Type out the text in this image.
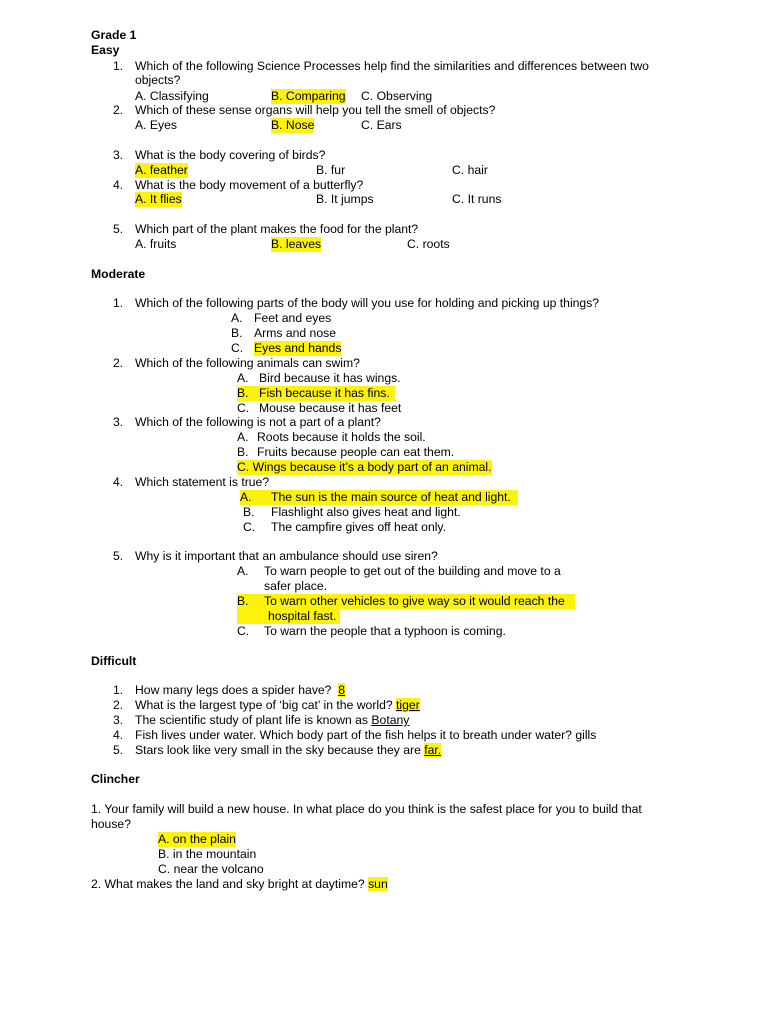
Grade 1
Easy
1. Which of the following Science Processes help find the similarities and differences between two
objects?
A. Classifying	B. Comparing C. Observing
2. Which of these sense organs will help you tell the smell of objects?
A. Eyes	B. Nose	C. Ears
3. What is the body covering of birds?
A. feather	B. fur	C. hair
4. What is the body movement of a butterfly?
A. It flies	B. It jumps	C. It runs
5. Which part of the plant makes the food for the plant?
A. fruits	B. leaves	C. roots
Moderate
1. Which of the following parts of the body will you use for holding and picking up things?
A. Feet and eyes
B. Arms and nose
C. Eyes and hands
2. Which of the following animals can swim?
A. Bird because it has wings.
B. Fish because it has fins.
C. Mouse because it has feet
3. Which of the following is not a part of a plant?
A. Roots because it holds the soil.
B. Fruits because people can eat them.
C. Wings because it’s a body part of an animal.
4. Which statement is true?
A.	The sun is the main source of heat and light.
B. Flashlight also gives heat and light.
C. The campfire gives off heat only.
5. Why is it important that an ambulance should use siren?
A. To warn people to get out of the building and move to a
safer place.
B.	To warn other vehicles to give way so it would reach the
hospital fast.
C. To warn the people that a typhoon is coming.
Difficult
1. How many legs does a spider have? 8
2. What is the largest type of ‘big cat’ in the world? tiger
3. The scientific study of plant life is known as Botany
4. Fish lives under water. Which body part of the fish helps it to breath under water? gills
5. Stars look like very small in the sky because they are far.
Clincher
1. Your family will build a new house. In what place do you think is the safest place for you to build that
house?
A. on the plain
B. in the mountain
C. near the volcano
2. What makes the land and sky bright at daytime? sun
